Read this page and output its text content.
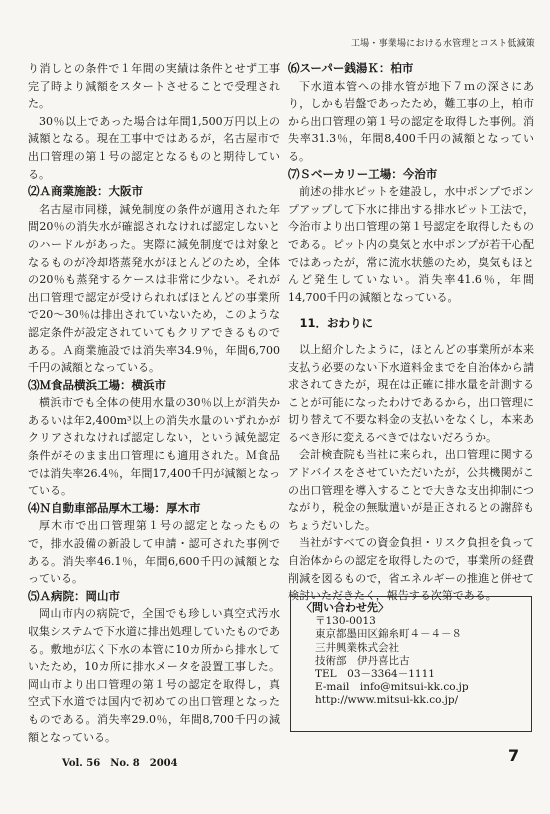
工場・事業場における水管理とコスト低減策

り消しとの条件で１年間の実績は条件とせず工事完了時より減額をスタートさせることで受理された。

30％以上であった場合は年間1,500万円以上の減額となる。現在工事中ではあるが，名古屋市で出口管理の第１号の認定となるものと期待している。

⑵Ａ商業施設：大阪市

名古屋市同様，減免制度の条件が適用された年間20％の消失水が確認されなければ認定しないとのハードルがあった。実際に減免制度では対象となるものが冷却塔蒸発水がほとんどのため，全体の20％も蒸発するケースは非常に少ない。それが出口管理で認定が受けられればほとんどの事業所で20～30％は排出されていないため，このような認定条件が設定されていてもクリアできるものである。Ａ商業施設では消失率34.9％，年間6,700千円の減額となっている。

⑶Ｍ食品横浜工場：横浜市

横浜市でも全体の使用水量の30％以上が消失かあるいは年2,400m³以上の消失水量のいずれかがクリアされなければ認定しない，という減免認定条件がそのまま出口管理にも適用された。Ｍ食品では消失率26.4％，年間17,400千円が減額となっている。

⑷Ｎ自動車部品厚木工場：厚木市

厚木市で出口管理第１号の認定となったもので，排水設備の新設して申請・認可された事例である。消失率46.1％，年間6,600千円の減額となっている。

⑸Ａ病院：岡山市

岡山市内の病院で，全国でも珍しい真空式汚水収集システムで下水道に排出処理していたものである。敷地が広く下水の本管に10カ所から排水していたため，10カ所に排水メータを設置工事した。岡山市より出口管理の第１号の認定を取得し，真空式下水道では国内で初めての出口管理となったものである。消失率29.0％，年間8,700千円の減額となっている。

⑹スーパー銭湯Ｋ：柏市

下水道本管への排水管が地下７ｍの深さにあり，しかも岩盤であったため，難工事の上，柏市から出口管理の第１号の認定を取得した事例。消失率31.3％，年間8,400千円の減額となっている。

⑺Ｓベーカリー工場：今治市

前述の排水ピットを建設し，水中ポンプでポンプアップして下水に排出する排水ピット工法で，今治市より出口管理の第１号認定を取得したものである。ピット内の臭気と水中ポンプが若干心配ではあったが，常に流水状態のため，臭気もほとんど発生していない。消失率41.6％，年間14,700千円の減額となっている。

11．おわりに

以上紹介したように，ほとんどの事業所が本来支払う必要のない下水道料金までを自治体から請求されてきたが，現在は正確に排水量を計測することが可能になったわけであるから，出口管理に切り替えて不要な料金の支払いをなくし，本来あるべき形に変えるべきではないだろうか。

会計検査院も当社に来られ，出口管理に関するアドバイスをさせていただいたが，公共機関がこの出口管理を導入することで大きな支出抑制につながり，税金の無駄遣いが是正されるとの謝辞もちょうだいした。

当社がすべての資金負担・リスク負担を負って自治体からの認定を取得したので，事業所の経費削減を図るもので，省エネルギーの推進と併せて検討いただきたく，報告する次第である。

〈問い合わせ先〉
〒130-0013
東京都墨田区錦糸町４－４－８
三井興業株式会社
技術部　伊丹喜比古
TEL　03－3364－1111
E-mail　info@mitsui-kk.co.jp
http://www.mitsui-kk.co.jp/
Vol. 56　No. 8　2004	7
